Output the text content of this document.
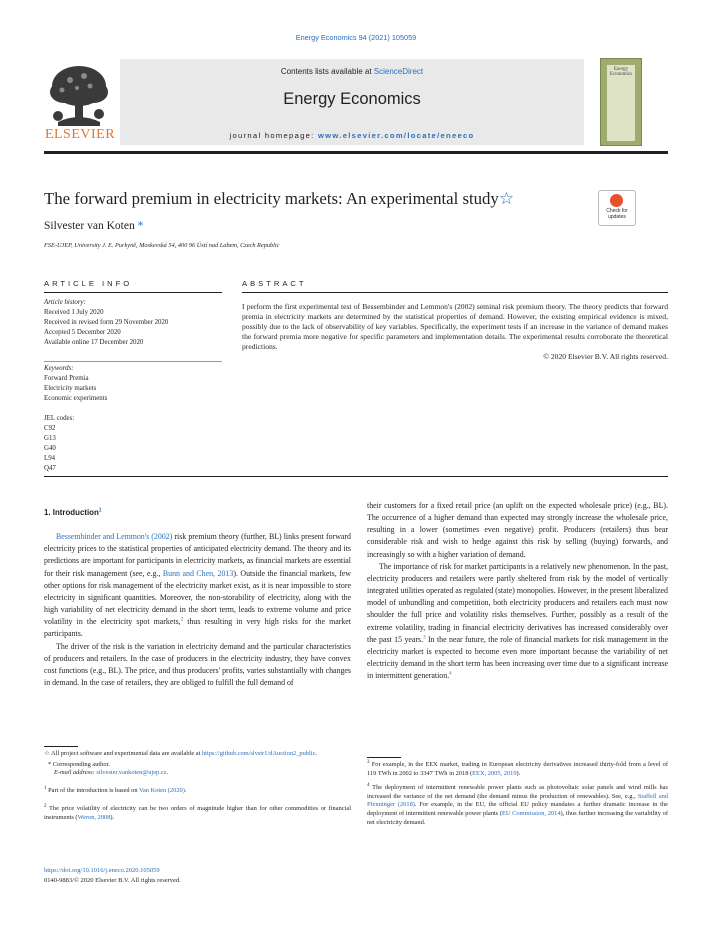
Energy Economics 94 (2021) 105059
Contents lists available at ScienceDirect
Energy Economics
journal homepage: www.elsevier.com/locate/eneeco
ELSEVIER
Energy Economics
The forward premium in electricity markets: An experimental study☆
Check for updates
Silvester van Koten *
FSE-UJEP, University J. E. Purkyně, Moskevská 54, 400 96 Ústí nad Labem, Czech Republic
ARTICLE INFO
Article history:
Received 1 July 2020
Received in revised form 29 November 2020
Accepted 5 December 2020
Available online 17 December 2020
Keywords:
Forward Premia
Electricity markets
Economic experiments
JEL codes:
C92
G13
G40
L94
Q47
ABSTRACT
I perform the first experimental test of Bessembinder and Lemmon's (2002) seminal risk premium theory. The theory predicts that forward premia in electricity markets are determined by the statistical properties of demand. However, the existing empirical evidence is mixed, possibly due to the lack of observability of key variables. Specifically, the experiment tests if an increase in the variance of demand makes the forward premia more negative for specific parameters and implementation details. The experimental results corroborate the theoretical predictions.
© 2020 Elsevier B.V. All rights reserved.
1. Introduction$^1$

Bessembinder and Lemmon's (2002) risk premium theory (further, BL) links present forward electricity prices to the statistical properties of anticipated electricity demand. The theory and its predictions are important for participants in electricity markets, as financial markets are essential for their risk management (see, e.g., Bunn and Chen, 2013). Outside the financial markets, few other options for risk management of the electricity market exist, as it is near impossible to store electricity in significant quantities. Moreover, the non-storability of electricity, along with the high variability of net electricity demand in the short term, leads to extreme volume and price volatility in the electricity spot markets,$^2$ thus resulting in very high risks for the market participants.

The driver of the risk is the variation in electricity demand and the particular characteristics of producers and retailers. In the case of producers in the electricity industry, they have convex cost functions (e.g., BL). The price, and thus producers' profits, varies substantially with changes in demand. In the case of retailers, they are obliged to fulfill the full demand of

their customers for a fixed retail price (an uplift on the expected wholesale price) (e.g., BL). The occurrence of a higher demand than expected may strongly increase the wholesale price, resulting in a lower (sometimes even negative) profit. Producers (retailers) thus bear considerable risk and wish to hedge against this risk by selling (buying) forwards, and increasingly so with a higher variation of demand.

The importance of risk for market participants is a relatively new phenomenon. In the past, electricity producers and retailers were partly sheltered from risk by the model of vertically integrated utilities operated as regulated (state) monopolies. However, in the present liberalized model of unbundling and competition, both electricity producers and retailers each must now shoulder the full price and volatility risks themselves. Further, possibly as a result of the extreme volatility, trading in financial electricity derivatives has increased considerably over the past 15 years.$^3$ In the near future, the role of financial markets for risk management in the electricity market is expected to become even more important because the variability of net electricity demand in the short term has been increasing over time due to a significant increase in intermittent generation.$^4$

☆ All project software and experimental data are available at https://github.com/slvstr1/dAuction2_public.

* Corresponding author.

E-mail address: silvester.vankoten@ujep.cz.

$^1$ Part of the introduction is based on Van Koten (2020).

$^2$ The price volatility of electricity can be two orders of magnitude higher than for other commodities or financial instruments (Weron, 2008).

$^3$ For example, in the EEX market, trading in European electricity derivatives increased thirty-fold from a level of 119 TWh in 2002 to 3347 TWh in 2018 (EEX, 2005, 2019).

$^4$ The deployment of intermittent renewable power plants such as photovoltaic solar panels and wind mills has increased the variance of the net demand (the demand minus the production of renewables). See, e.g., Staffell and Pfenninger (2018). For example, in the EU, the official EU policy mandates a further dramatic increase in the deployment of intermittent renewable power plants (EU Commission, 2014), thus further increasing the variability of net electricity demand.

https://doi.org/10.1016/j.eneco.2020.105059
0140-9883/© 2020 Elsevier B.V. All rights reserved.
